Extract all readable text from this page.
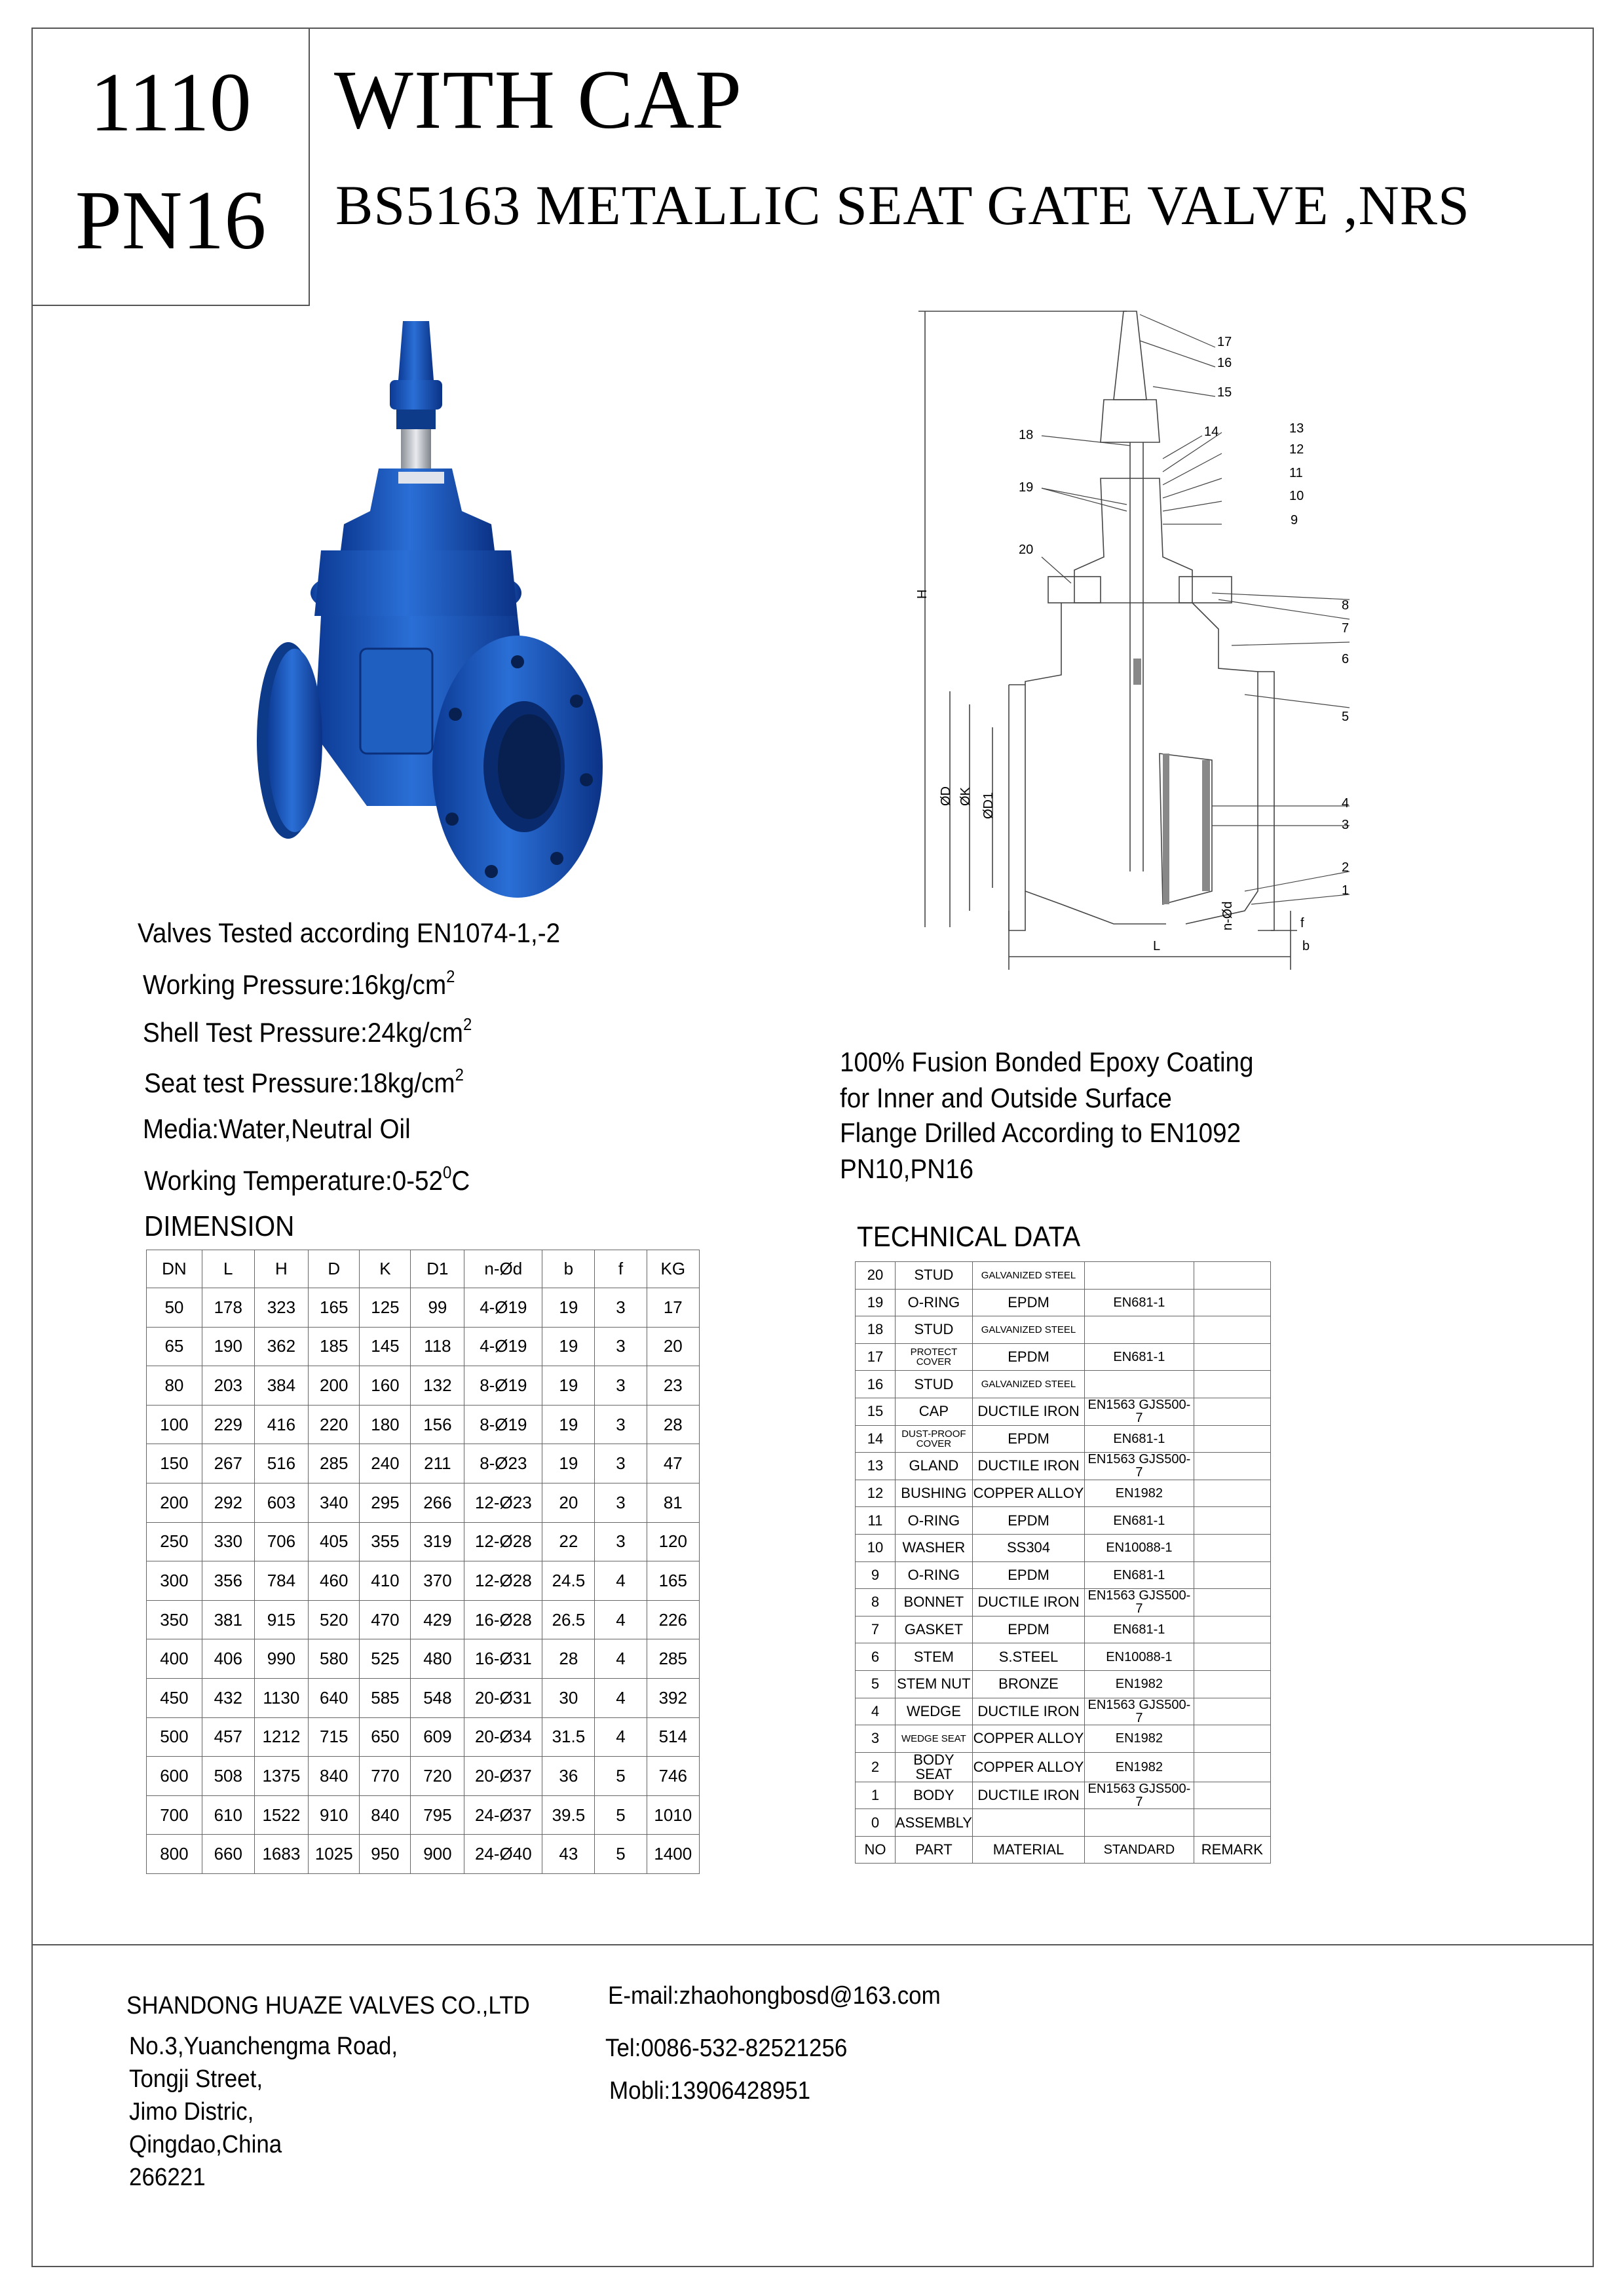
1110
PN16
WITH CAP
BS5163 METALLIC SEAT GATE VALVE ,NRS
17
16
15
14	13
12
11
10
9
18
19
20
8
7
6
5
4
3
2
1
H
ØD ØK ØD1
n-Ød
L
f
b
Valves Tested according EN1074-1,-2
Working $Pressure:16kg/cm^2$
Shell Test $Pressure:24kg/cm^2$
Seat test $Pressure:18kg/cm^2$
Media:Water,Neutral Oil
Working $Temperature:0-52^0C$
100% Fusion Bonded Epoxy Coating
for Inner and Outside Surface
Flange Drilled According to EN1092
PN10,PN16
DIMENSION
DN	L	H	D	K	D1	n-Ød	b	f	KG
50	178	323	165	125	99	4-Ø19	19	3	17
65	190	362	185	145	118	4-Ø19	19	3	20
80	203	384	200	160	132	8-Ø19	19	3	23
100	229	416	220	180	156	8-Ø19	19	3	28
150	267	516	285	240	211	8-Ø23	19	3	47
200	292	603	340	295	266	12-Ø23	20	3	81
250	330	706	405	355	319	12-Ø28	22	3	120
300	356	784	460	410	370	12-Ø28	24.5	4	165
350	381	915	520	470	429	16-Ø28	26.5	4	226
400	406	990	580	525	480	16-Ø31	28	4	285
450	432	1130	640	585	548	20-Ø31	30	4	392
500	457	1212	715	650	609	20-Ø34	31.5	4	514
600	508	1375	840	770	720	20-Ø37	36	5	746
700	610	1522	910	840	795	24-Ø37	39.5	5	1010
800	660	1683	1025	950	900	24-Ø40	43	5	1400
TECHNICAL DATA
20	STUD	GALVANIZED STEEL		
19	O-RING	EPDM	EN681-1	
18	STUD	GALVANIZED STEEL		
17	PROTECT COVER	EPDM	EN681-1	
16	STUD	GALVANIZED STEEL		
15	CAP	DUCTILE IRON	EN1563 GJS500-7	
14	DUST-PROOF COVER	EPDM	EN681-1	
13	GLAND	DUCTILE IRON	EN1563 GJS500-7	
12	BUSHING	COPPER ALLOY	EN1982	
11	O-RING	EPDM	EN681-1	
10	WASHER	SS304	EN10088-1	
9	O-RING	EPDM	EN681-1	
8	BONNET	DUCTILE IRON	EN1563 GJS500-7	
7	GASKET	EPDM	EN681-1	
6	STEM	S.STEEL	EN10088-1	
5	STEM NUT	BRONZE	EN1982	
4	WEDGE	DUCTILE IRON	EN1563 GJS500-7	
3	WEDGE SEAT	COPPER ALLOY	EN1982	
2	BODY SEAT	COPPER ALLOY	EN1982	
1	BODY	DUCTILE IRON	EN1563 GJS500-7	
0	ASSEMBLY			
NO	PART	MATERIAL	STANDARD	REMARK
SHANDONG HUAZE VALVES CO.,LTD
No.3,Yuanchengma Road,
Tongji Street,
Jimo Distric,
Qingdao,China
266221
E-mail:zhaohongbosd@163.com
Tel:0086-532-82521256
Mobli:13906428951
